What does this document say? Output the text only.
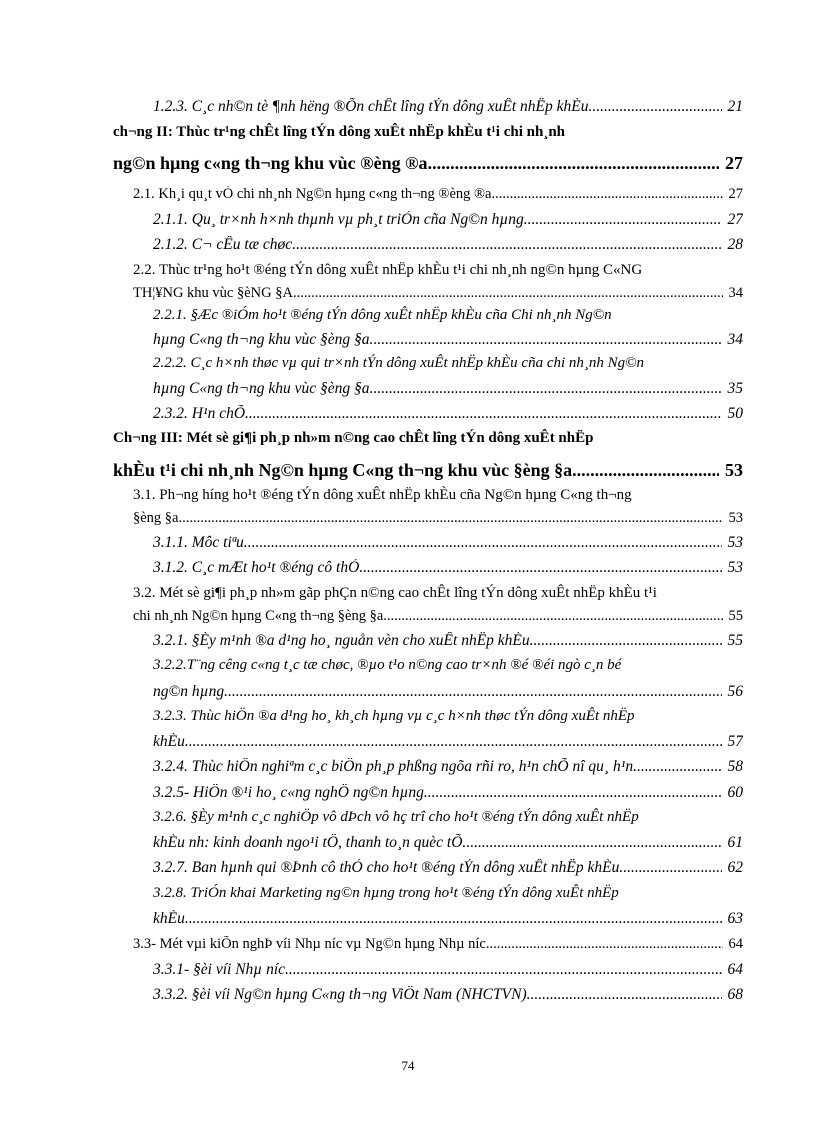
1.2.3. C¸c nh©n tè ¶nh hëng ®Õn chÊt lîng tÝn dông xuÊt nhËp khÈu .....	21
ch¬ng II: Thùc tr¹ng chÊt lîng tÝn dông xuÊt nhËp khÈu t¹i chi nh¸nh
ng©n hµng c«ng th¬ng khu vùc ®èng ®a .....	27
2.1. Kh¸i qu¸t vÒ chi nh¸nh Ng©n hµng c«ng th¬ng ®èng ®a .....	27
2.1.1. Qu¸ tr×nh h×nh thµnh vµ ph¸t triÓn cña Ng©n hµng. .....	27
2.1.2. C¬ cÊu tæ chøc .....	28
2.2. Thùc tr¹ng ho¹t ®éng tÝn dông xuÊt nhËp khÈu t¹i chi nh¸nh ng©n hµng C«NG
TH¦¥NG khu vùc §èNG §A. .....	34
2.2.1. §Æc ®iÓm ho¹t ®éng tÝn dông xuÊt nhËp khÈu cña Chi nh¸nh Ng©n
hµng C«ng th¬ng khu vùc §èng §a. .....	34
2.2.2. C¸c h×nh thøc vµ qui tr×nh tÝn dông xuÊt nhËp khÈu cña chi nh¸nh Ng©n
hµng C«ng th¬ng khu vùc §èng §a .....	35
2.3.2. H¹n chÕ .....	50
Ch¬ng III: Mét sè gi¶i ph¸p nh»m n©ng cao chÊt lîng tÝn dông xuÊt nhËp
khÈu t¹i chi nh¸nh Ng©n hµng C«ng th¬ng khu vùc §èng §a .....	53
3.1. Ph¬ng híng ho¹t ®éng tÝn dông xuÊt nhËp khÈu cña Ng©n hµng C«ng th¬ng
§èng §a. .....	53
3.1.1. Môc tiªu. .....	53
3.1.2. C¸c mÆt ho¹t ®éng cô thÓ .....	53
3.2. Mét sè gi¶i ph¸p nh»m gãp phÇn n©ng cao chÊt lîng tÝn dông xuÊt nhËp khÈu t¹i
chi nh¸nh Ng©n hµng C«ng th¬ng §èng §a .....	55
3.2.1. §Èy m¹nh ®a d¹ng ho¸ nguån vèn cho xuÊt nhËp khÈu .....	55
3.2.2.T¨ng cêng c«ng t¸c tæ chøc, ®µo t¹o n©ng cao tr×nh ®é ®éi ngò c¸n bé
ng©n hµng. .....	56
3.2.3. Thùc hiÖn ®a d¹ng ho¸ kh¸ch hµng vµ c¸c h×nh thøc tÝn dông xuÊt nhËp
khÈu .....	57
3.2.4. Thùc hiÖn nghiªm c¸c biÖn ph¸p phßng ngõa rñi ro, h¹n chÕ nî qu¸ h¹n. .....	58
3.2.5- HiÖn ®¹i ho¸ c«ng nghÖ ng©n hµng .....	60
3.2.6. §Èy m¹nh c¸c nghiÖp vô dÞch vô hç trî cho ho¹t ®éng tÝn dông xuÊt nhËp
khÈu nh: kinh doanh ngo¹i tÖ, thanh to¸n quèc tÕ. .....	61
3.2.7. Ban hµnh qui ®Þnh cô thÓ cho ho¹t ®éng tÝn dông xuÊt nhËp khÈu .....	62
3.2.8. TriÓn khai Marketing ng©n hµng trong ho¹t ®éng tÝn dông xuÊt nhËp
khÈu .....	63
3.3- Mét vµi kiÕn nghÞ víi Nhµ níc vµ Ng©n hµng Nhµ níc .....	64
3.3.1- §èi víi Nhµ níc .....	64
3.3.2. §èi víi Ng©n hµng C«ng th¬ng ViÖt Nam (NHCTVN) .....	68
74
